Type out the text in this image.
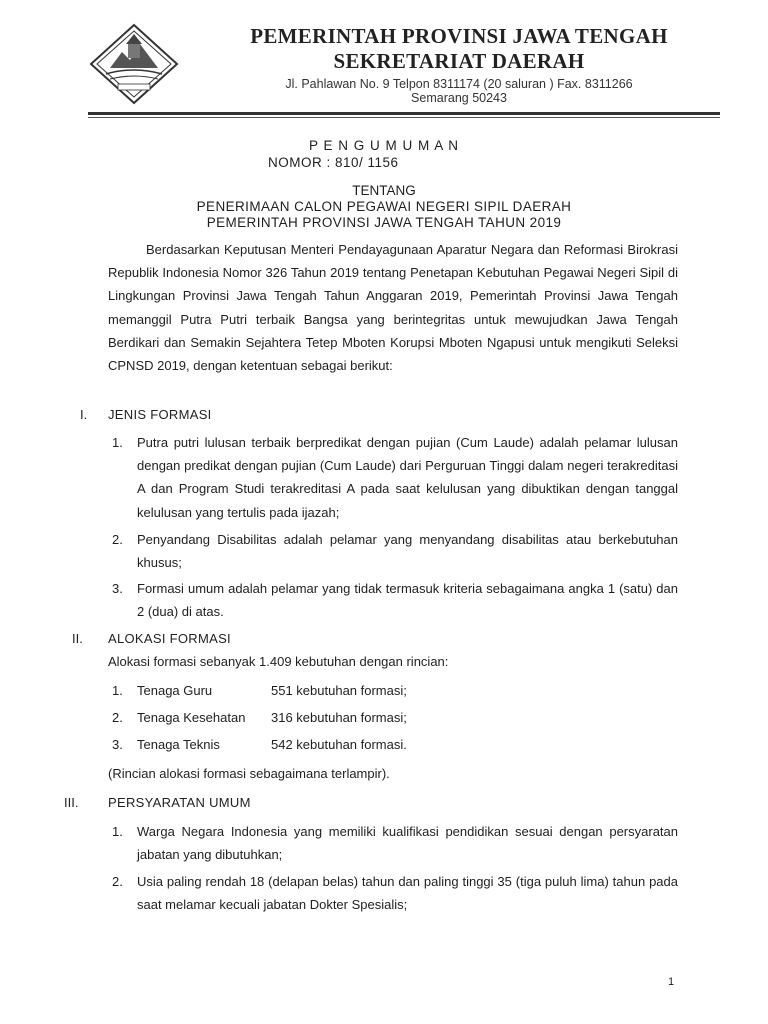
PEMERINTAH PROVINSI JAWA TENGAH
SEKRETARIAT DAERAH
Jl. Pahlawan No. 9 Telpon 8311174 (20 saluran ) Fax. 8311266
Semarang 50243
P E N G U M U M A N
NOMOR : 810/ 1156
TENTANG
PENERIMAAN CALON PEGAWAI NEGERI SIPIL DAERAH
PEMERINTAH PROVINSI JAWA TENGAH TAHUN 2019

Berdasarkan Keputusan Menteri Pendayagunaan Aparatur Negara dan Reformasi Birokrasi Republik Indonesia Nomor 326 Tahun 2019 tentang Penetapan Kebutuhan Pegawai Negeri Sipil di Lingkungan Provinsi Jawa Tengah Tahun Anggaran 2019, Pemerintah Provinsi Jawa Tengah memanggil Putra Putri terbaik Bangsa yang berintegritas untuk mewujudkan Jawa Tengah Berdikari dan Semakin Sejahtera Tetep Mboten Korupsi Mboten Ngapusi untuk mengikuti Seleksi CPNSD 2019, dengan ketentuan sebagai berikut:

I. JENIS FORMASI
1. Putra putri lulusan terbaik berpredikat dengan pujian (Cum Laude) adalah pelamar lulusan dengan predikat dengan pujian (Cum Laude) dari Perguruan Tinggi dalam negeri terakreditasi A dan Program Studi terakreditasi A pada saat kelulusan yang dibuktikan dengan tanggal kelulusan yang tertulis pada ijazah;
2. Penyandang Disabilitas adalah pelamar yang menyandang disabilitas atau berkebutuhan khusus;
3. Formasi umum adalah pelamar yang tidak termasuk kriteria sebagaimana angka 1 (satu) dan 2 (dua) di atas.
II. ALOKASI FORMASI
Alokasi formasi sebanyak 1.409 kebutuhan dengan rincian:
1. Tenaga Guru	551 kebutuhan formasi;
2. Tenaga Kesehatan 316 kebutuhan formasi;
3. Tenaga Teknis	542 kebutuhan formasi.
(Rincian alokasi formasi sebagaimana terlampir).
III. PERSYARATAN UMUM
1. Warga Negara Indonesia yang memiliki kualifikasi pendidikan sesuai dengan persyaratan jabatan yang dibutuhkan;
2. Usia paling rendah 18 (delapan belas) tahun dan paling tinggi 35 (tiga puluh lima) tahun pada saat melamar kecuali jabatan Dokter Spesialis;
1
